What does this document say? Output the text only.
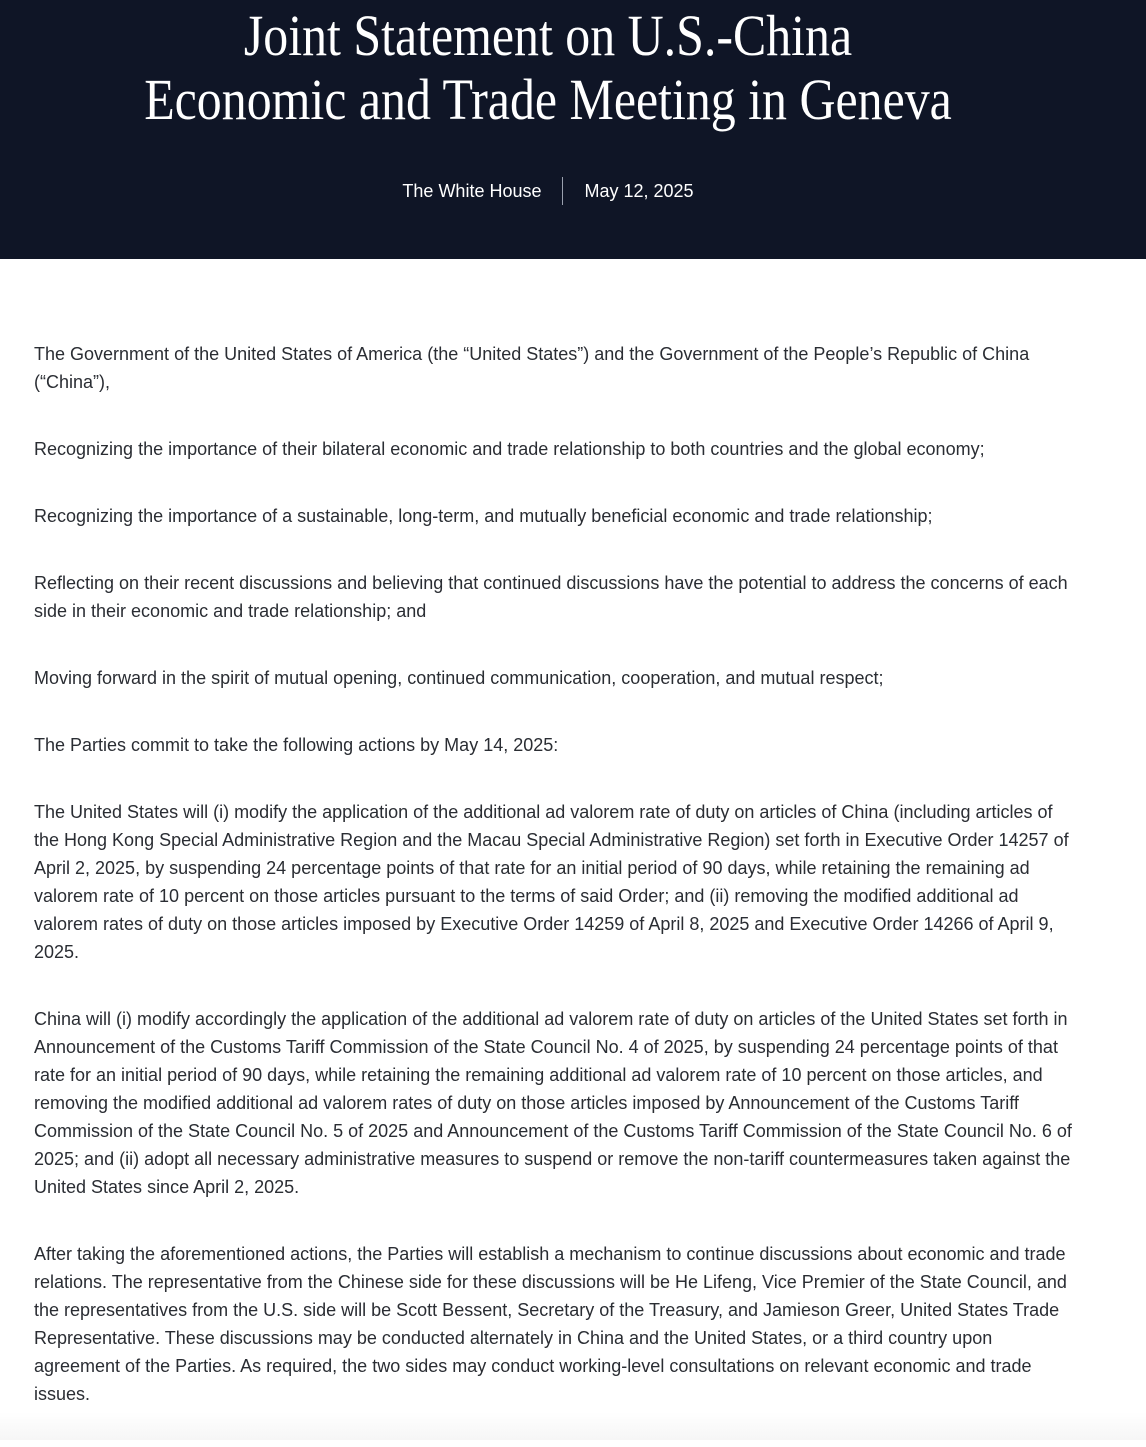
Joint Statement on U.S.-China
Economic and Trade Meeting in Geneva
The White House May 12, 2025

The Government of the United States of America (the “United States”) and the Government of the People’s Republic of China (“China”),

Recognizing the importance of their bilateral economic and trade relationship to both countries and the global economy;

Recognizing the importance of a sustainable, long-term, and mutually beneficial economic and trade relationship;

Reflecting on their recent discussions and believing that continued discussions have the potential to address the concerns of each side in their economic and trade relationship; and

Moving forward in the spirit of mutual opening, continued communication, cooperation, and mutual respect;

The Parties commit to take the following actions by May 14, 2025:

The United States will (i) modify the application of the additional ad valorem rate of duty on articles of China (including articles of the Hong Kong Special Administrative Region and the Macau Special Administrative Region) set forth in Executive Order 14257 of April 2, 2025, by suspending 24 percentage points of that rate for an initial period of 90 days, while retaining the remaining ad valorem rate of 10 percent on those articles pursuant to the terms of said Order; and (ii) removing the modified additional ad valorem rates of duty on those articles imposed by Executive Order 14259 of April 8, 2025 and Executive Order 14266 of April 9, 2025.

China will (i) modify accordingly the application of the additional ad valorem rate of duty on articles of the United States set forth in Announcement of the Customs Tariff Commission of the State Council No. 4 of 2025, by suspending 24 percentage points of that rate for an initial period of 90 days, while retaining the remaining additional ad valorem rate of 10 percent on those articles, and removing the modified additional ad valorem rates of duty on those articles imposed by Announcement of the Customs Tariff Commission of the State Council No. 5 of 2025 and Announcement of the Customs Tariff Commission of the State Council No. 6 of 2025; and (ii) adopt all necessary administrative measures to suspend or remove the non-tariff countermeasures taken against the United States since April 2, 2025.

After taking the aforementioned actions, the Parties will establish a mechanism to continue discussions about economic and trade relations. The representative from the Chinese side for these discussions will be He Lifeng, Vice Premier of the State Council, and the representatives from the U.S. side will be Scott Bessent, Secretary of the Treasury, and Jamieson Greer, United States Trade Representative. These discussions may be conducted alternately in China and the United States, or a third country upon agreement of the Parties. As required, the two sides may conduct working-level consultations on relevant economic and trade issues.
